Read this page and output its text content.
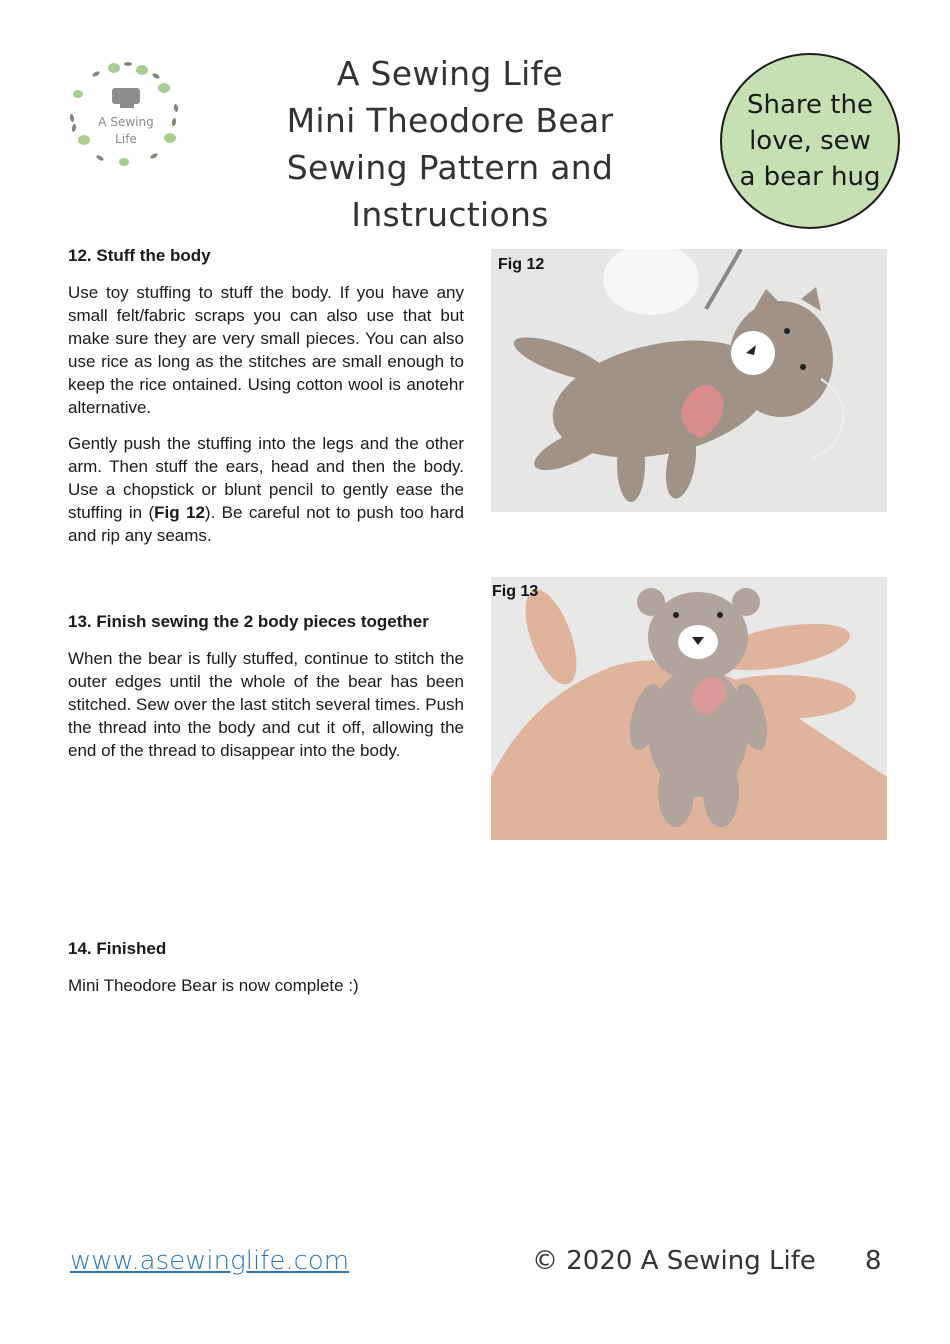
A Sewing
Life
A Sewing Life
Mini Theodore Bear
Sewing Pattern and Instructions
Share the
love, sew
a bear hug
12. Stuff the body
Use toy stuffing to stuff the body. If you have any small felt/fabric scraps you can also use that but make sure they are very small pieces. You can also use rice as long as the stitches are small enough to keep the rice ontained. Using cotton wool is anotehr alternative.
Gently push the stuffing into the legs and the other arm. Then stuff the ears, head and then the body. Use a chopstick or blunt pencil to gently ease the stuffing in (Fig 12). Be careful not to push too hard and rip any seams.
Fig 12
13. Finish sewing the 2 body pieces together
When the bear is fully stuffed, continue to stitch the outer edges until the whole of the bear has been stitched. Sew over the last stitch several times. Push the thread into the body and cut it off, allowing the end of the thread to disappear into the body.
Fig 13
14. Finished
Mini Theodore Bear is now complete :)
www.asewinglife.com	© 2020 A Sewing Life 8
